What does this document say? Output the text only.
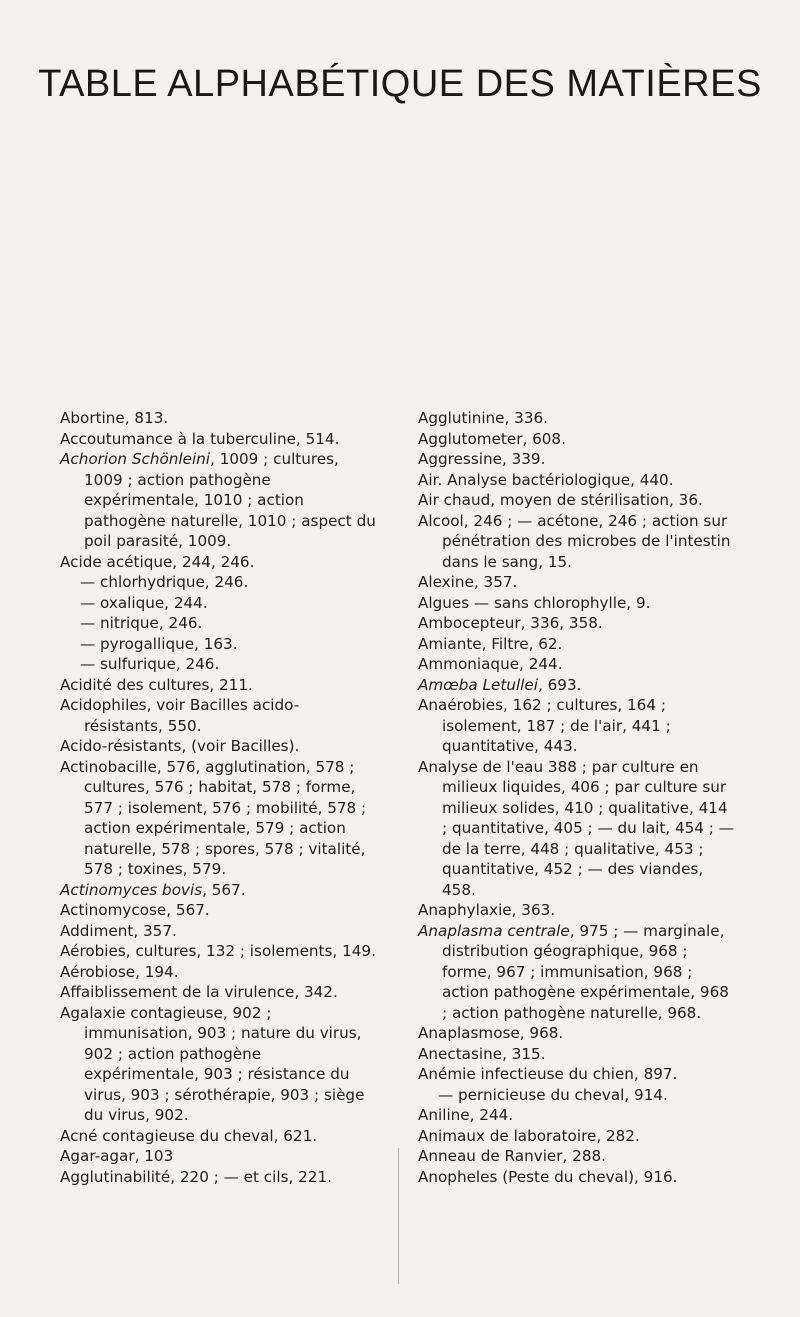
TABLE ALPHABÉTIQUE DES MATIÈRES

Abortine, 813.

Accoutumance à la tuberculine, 514.

Achorion Schönleini, 1009 ; cultures, 1009 ; action pathogène expérimentale, 1010 ; action pathogène naturelle, 1010 ; aspect du poil parasité, 1009.

Acide acétique, 244, 246.

— chlorhydrique, 246.

— oxalique, 244.

— nitrique, 246.

— pyrogallique, 163.

— sulfurique, 246.

Acidité des cultures, 211.

Acidophiles, voir Bacilles acido-résistants, 550.

Acido-résistants, (voir Bacilles).

Actinobacille, 576, agglutination, 578 ; cultures, 576 ; habitat, 578 ; forme, 577 ; isolement, 576 ; mobilité, 578 ; action expérimentale, 579 ; action naturelle, 578 ; spores, 578 ; vitalité, 578 ; toxines, 579.

Actinomyces bovis, 567.

Actinomycose, 567.

Addiment, 357.

Aérobies, cultures, 132 ; isolements, 149.

Aérobiose, 194.

Affaiblissement de la virulence, 342.

Agalaxie contagieuse, 902 ; immunisation, 903 ; nature du virus, 902 ; action pathogène expérimentale, 903 ; résistance du virus, 903 ; sérothérapie, 903 ; siège du virus, 902.

Acné contagieuse du cheval, 621.

Agar-agar, 103

Agglutinabilité, 220 ; — et cils, 221.

Agglutinine, 336.

Agglutometer, 608.

Aggressine, 339.

Air. Analyse bactériologique, 440.

Air chaud, moyen de stérilisation, 36.

Alcool, 246 ; — acétone, 246 ; action sur pénétration des microbes de l'intestin dans le sang, 15.

Alexine, 357.

Algues — sans chlorophylle, 9.

Ambocepteur, 336, 358.

Amiante, Filtre, 62.

Ammoniaque, 244.

Amœba Letullei, 693.

Anaérobies, 162 ; cultures, 164 ; isolement, 187 ; de l'air, 441 ; quantitative, 443.

Analyse de l'eau 388 ; par culture en milieux liquides, 406 ; par culture sur milieux solides, 410 ; qualitative, 414 ; quantitative, 405 ; — du lait, 454 ; — de la terre, 448 ; qualitative, 453 ; quantitative, 452 ; — des viandes, 458.

Anaphylaxie, 363.

Anaplasma centrale, 975 ; — marginale, distribution géographique, 968 ; forme, 967 ; immunisation, 968 ; action pathogène expérimentale, 968 ; action pathogène naturelle, 968.

Anaplasmose, 968.

Anectasine, 315.

Anémie infectieuse du chien, 897.

— pernicieuse du cheval, 914.

Aniline, 244.

Animaux de laboratoire, 282.

Anneau de Ranvier, 288.

Anopheles (Peste du cheval), 916.
